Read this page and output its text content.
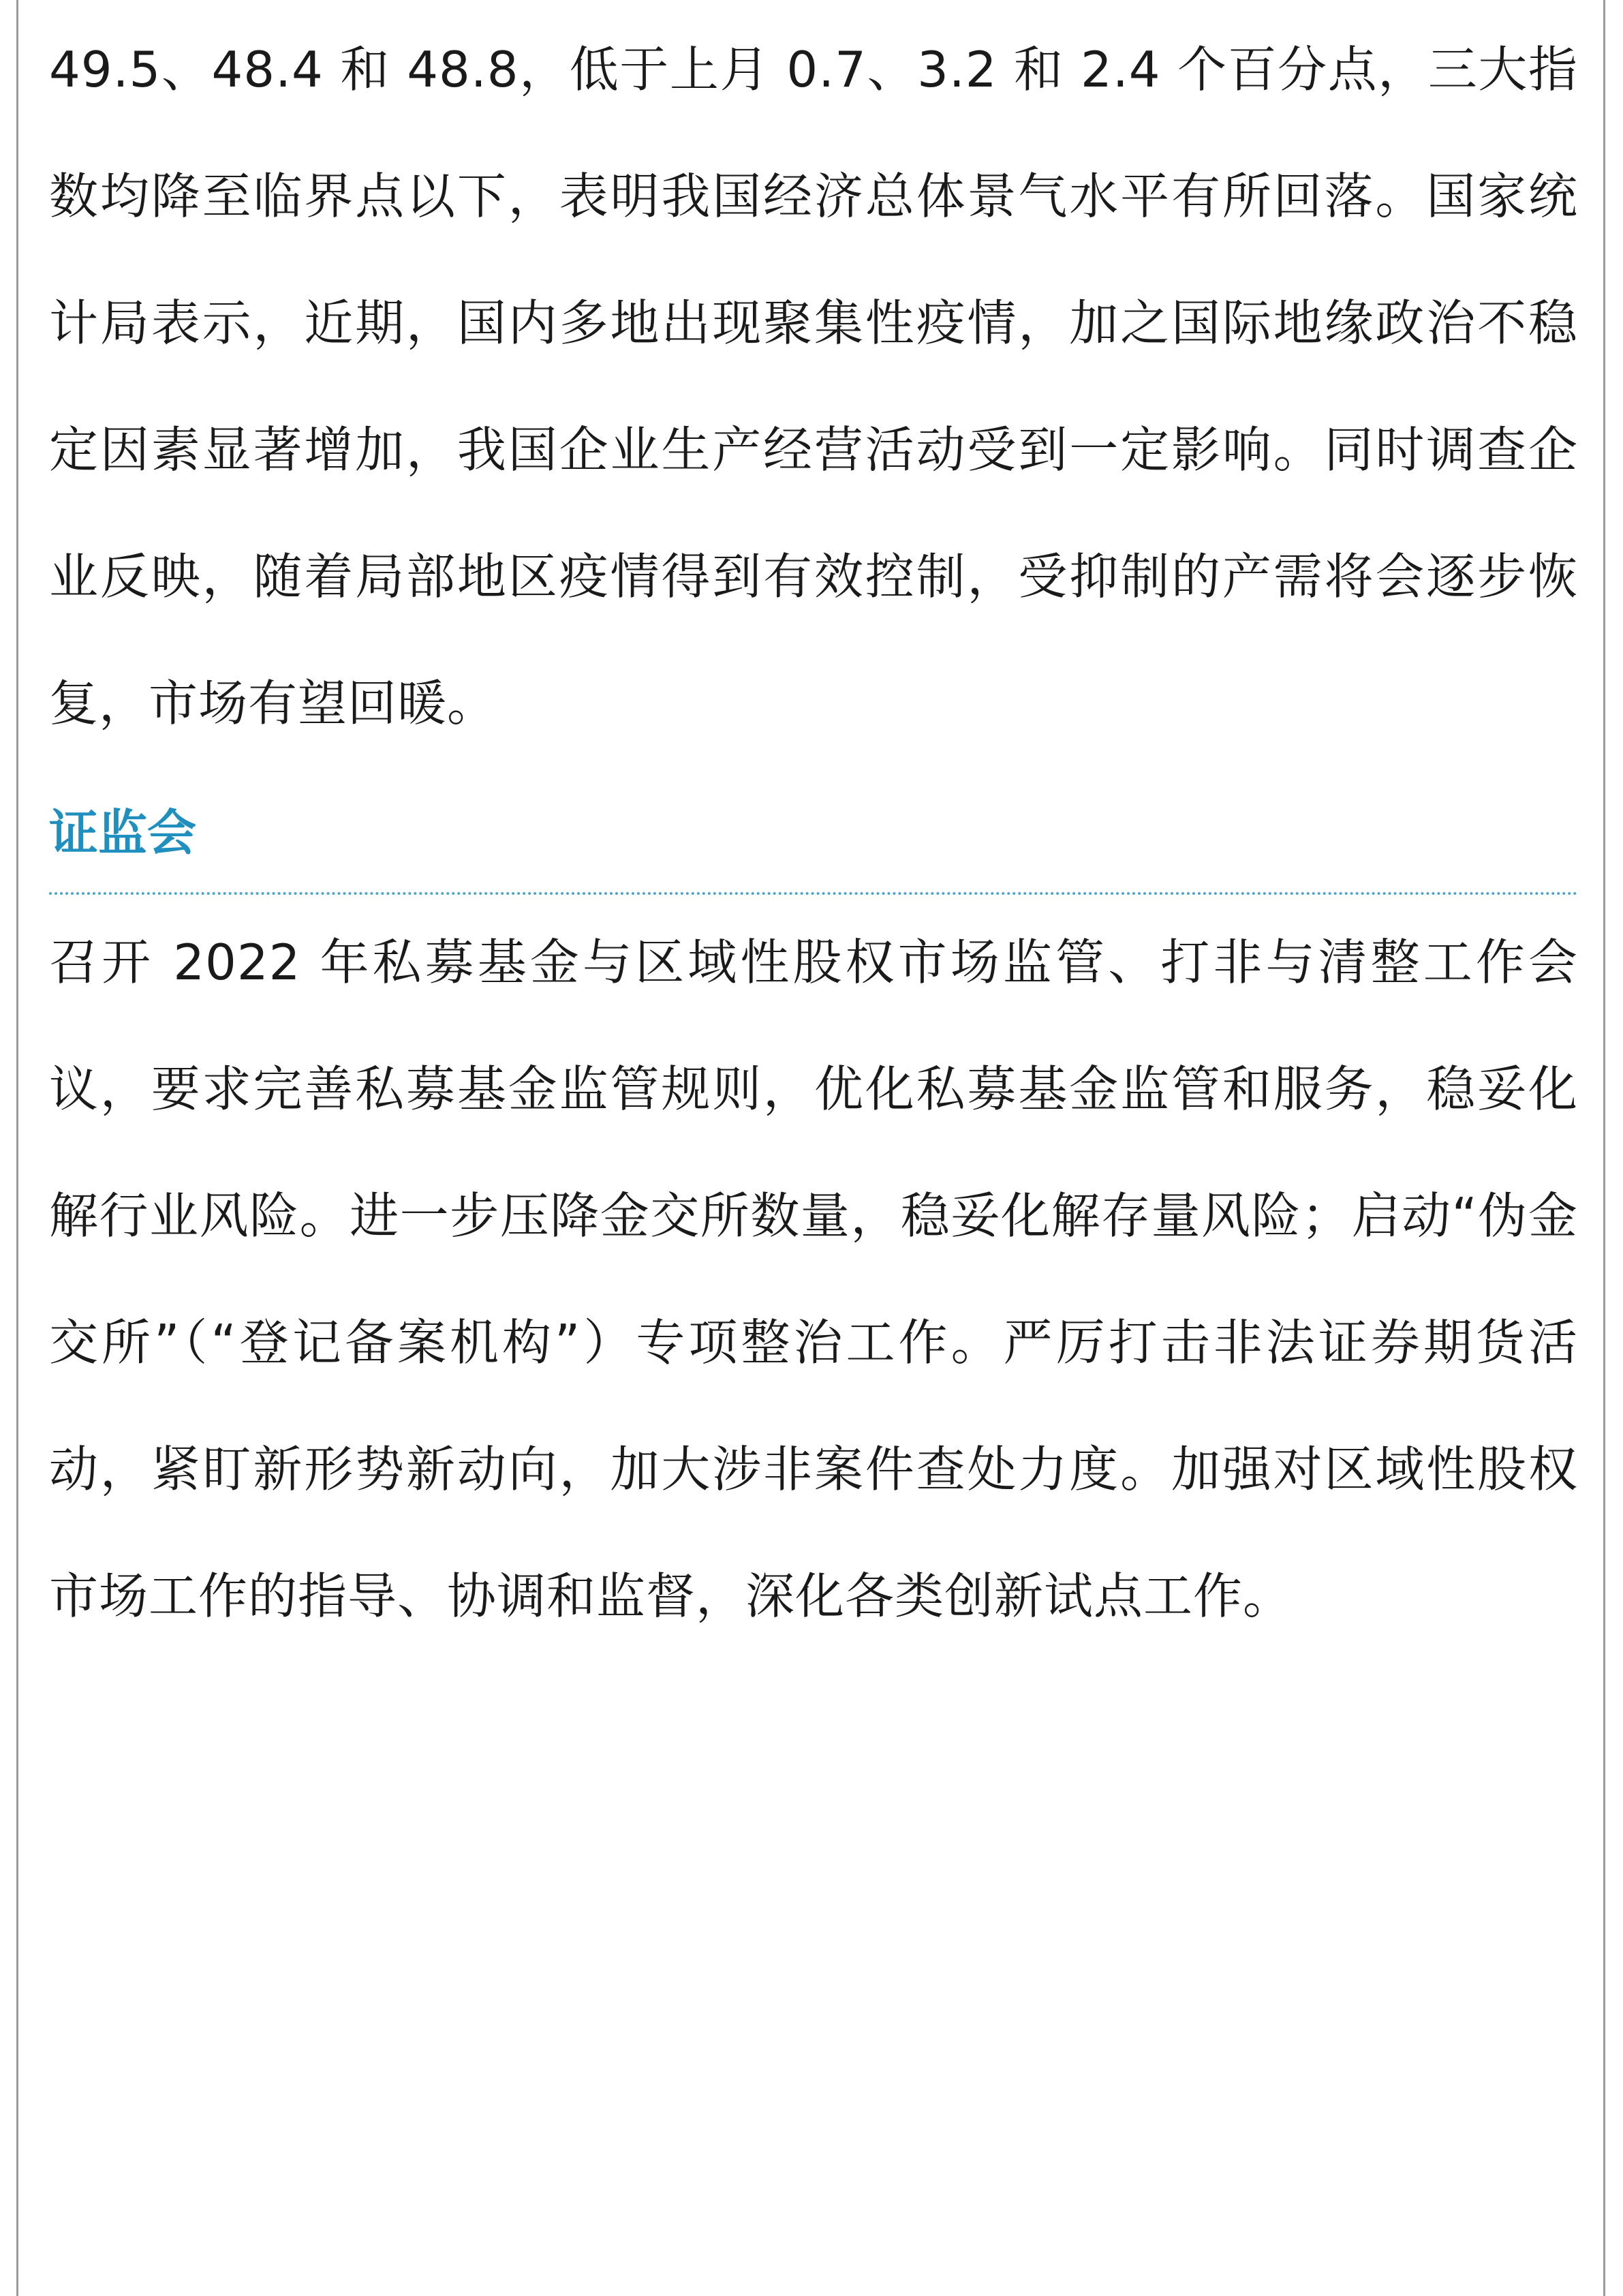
49.5、48.4 和 48.8，低于上月 0.7、3.2 和 2.4 个百分点，三大指数均降至临界点以下，表明我国经济总体景气水平有所回落。国家统计局表示，近期，国内多地出现聚集性疫情，加之国际地缘政治不稳定因素显著增加，我国企业生产经营活动受到一定影响。同时调查企业反映，随着局部地区疫情得到有效控制，受抑制的产需将会逐步恢复，市场有望回暖。

证监会

召开 2022 年私募基金与区域性股权市场监管、打非与清整工作会议，要求完善私募基金监管规则，优化私募基金监管和服务，稳妥化解行业风险。进一步压降金交所数量，稳妥化解存量风险；启动“伪金交所”（“登记备案机构”）专项整治工作。严厉打击非法证券期货活动，紧盯新形势新动向，加大涉非案件查处力度。加强对区域性股权市场工作的指导、协调和监督，深化各类创新试点工作。
